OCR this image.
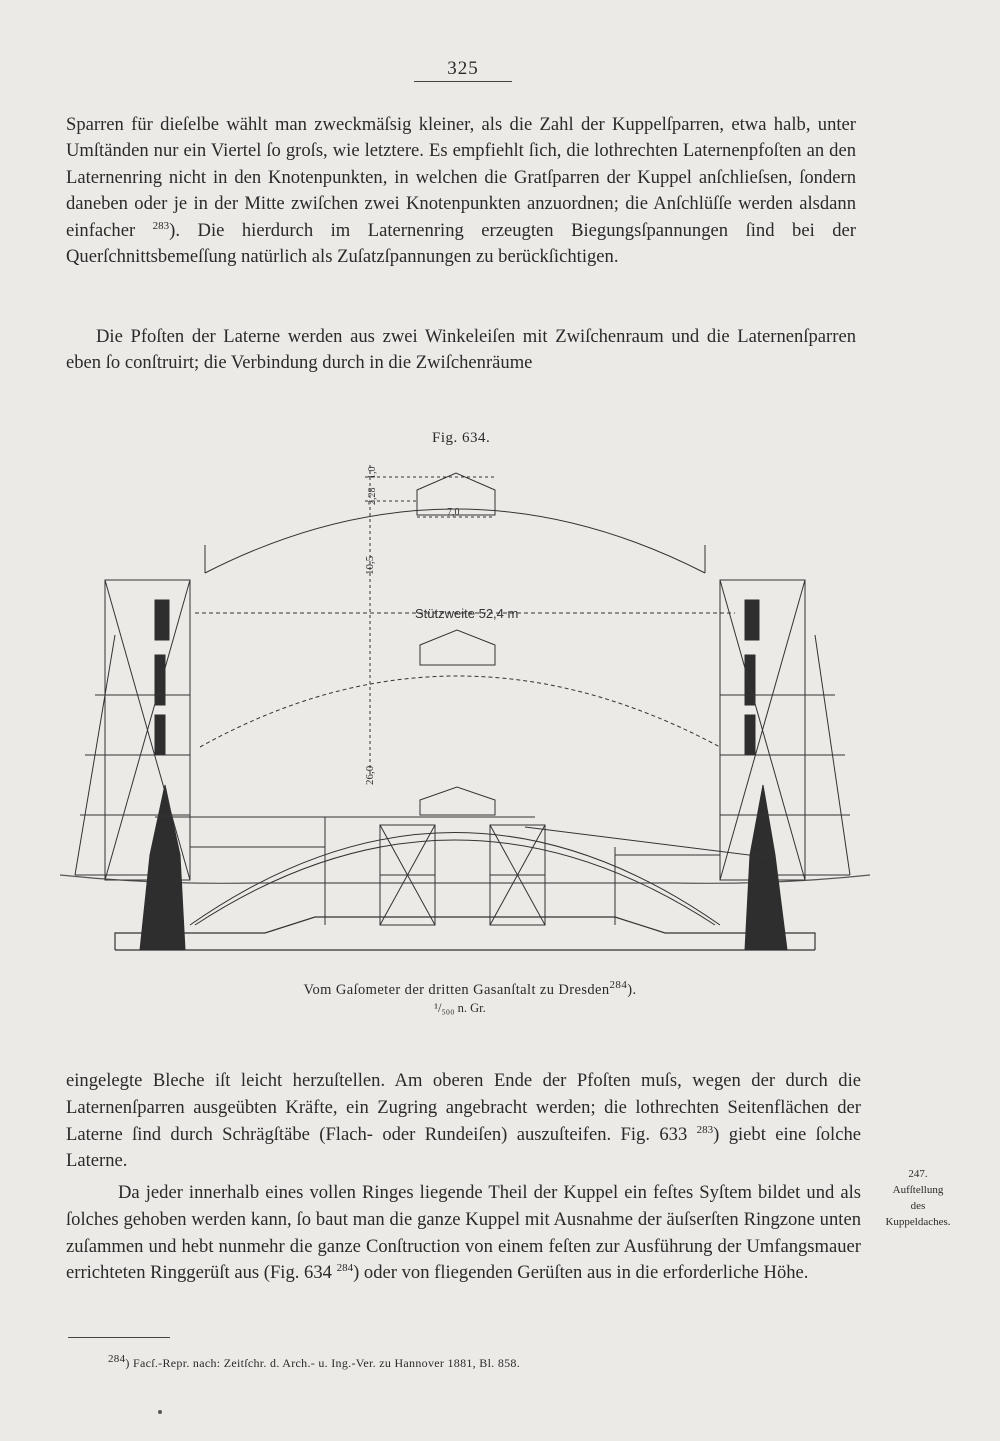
325

Sparren für dieſelbe wählt man zweckmäſsig kleiner, als die Zahl der Kuppelſparren, etwa halb, unter Umſtänden nur ein Viertel ſo groſs, wie letztere. Es empfiehlt ſich, die lothrechten Laternenpfoſten an den Laternenring nicht in den Knotenpunkten, in welchen die Gratſparren der Kuppel anſchlieſsen, ſondern daneben oder je in der Mitte zwiſchen zwei Knotenpunkten anzuordnen; die Anſchlüſſe werden alsdann einfacher $^{283}$). Die hierdurch im Laternenring erzeugten Biegungsſpannungen ſind bei der Querſchnittsbemeſſung natürlich als Zuſatzſpannungen zu berückſichtigen.

Die Pfoſten der Laterne werden aus zwei Winkeleiſen mit Zwiſchenraum und die Laternenſparren eben ſo conſtruirt; die Verbindung durch in die Zwiſchenräume

Fig. 634.
Stützweite 52,4 m
26,0
10,5
2,28
1,0
7,0
Vom Gaſometer der dritten Gasanſtalt zu Dresden$^{284}$).
¹/₅₀₀ n. Gr.

eingelegte Bleche iſt leicht herzuſtellen. Am oberen Ende der Pfoſten muſs, wegen der durch die Laternenſparren ausgeübten Kräfte, ein Zugring angebracht werden; die lothrechten Seitenflächen der Laterne ſind durch Schrägſtäbe (Flach- oder Rundeiſen) auszuſteifen. Fig. 633 $^{283}$) giebt eine ſolche Laterne.

Da jeder innerhalb eines vollen Ringes liegende Theil der Kuppel ein feſtes Syſtem bildet und als ſolches gehoben werden kann, ſo baut man die ganze Kuppel mit Ausnahme der äuſserſten Ringzone unten zuſammen und hebt nunmehr die ganze Conſtruction von einem feſten zur Ausführung der Umfangsmauer errichteten Ringgerüſt aus (Fig. 634 $^{284}$) oder von fliegenden Gerüſten aus in die erforderliche Höhe.

247.
Aufſtellung
des
Kuppeldaches.
$^{284}$) Facſ.-Repr. nach: Zeitſchr. d. Arch.- u. Ing.-Ver. zu Hannover 1881, Bl. 858.
